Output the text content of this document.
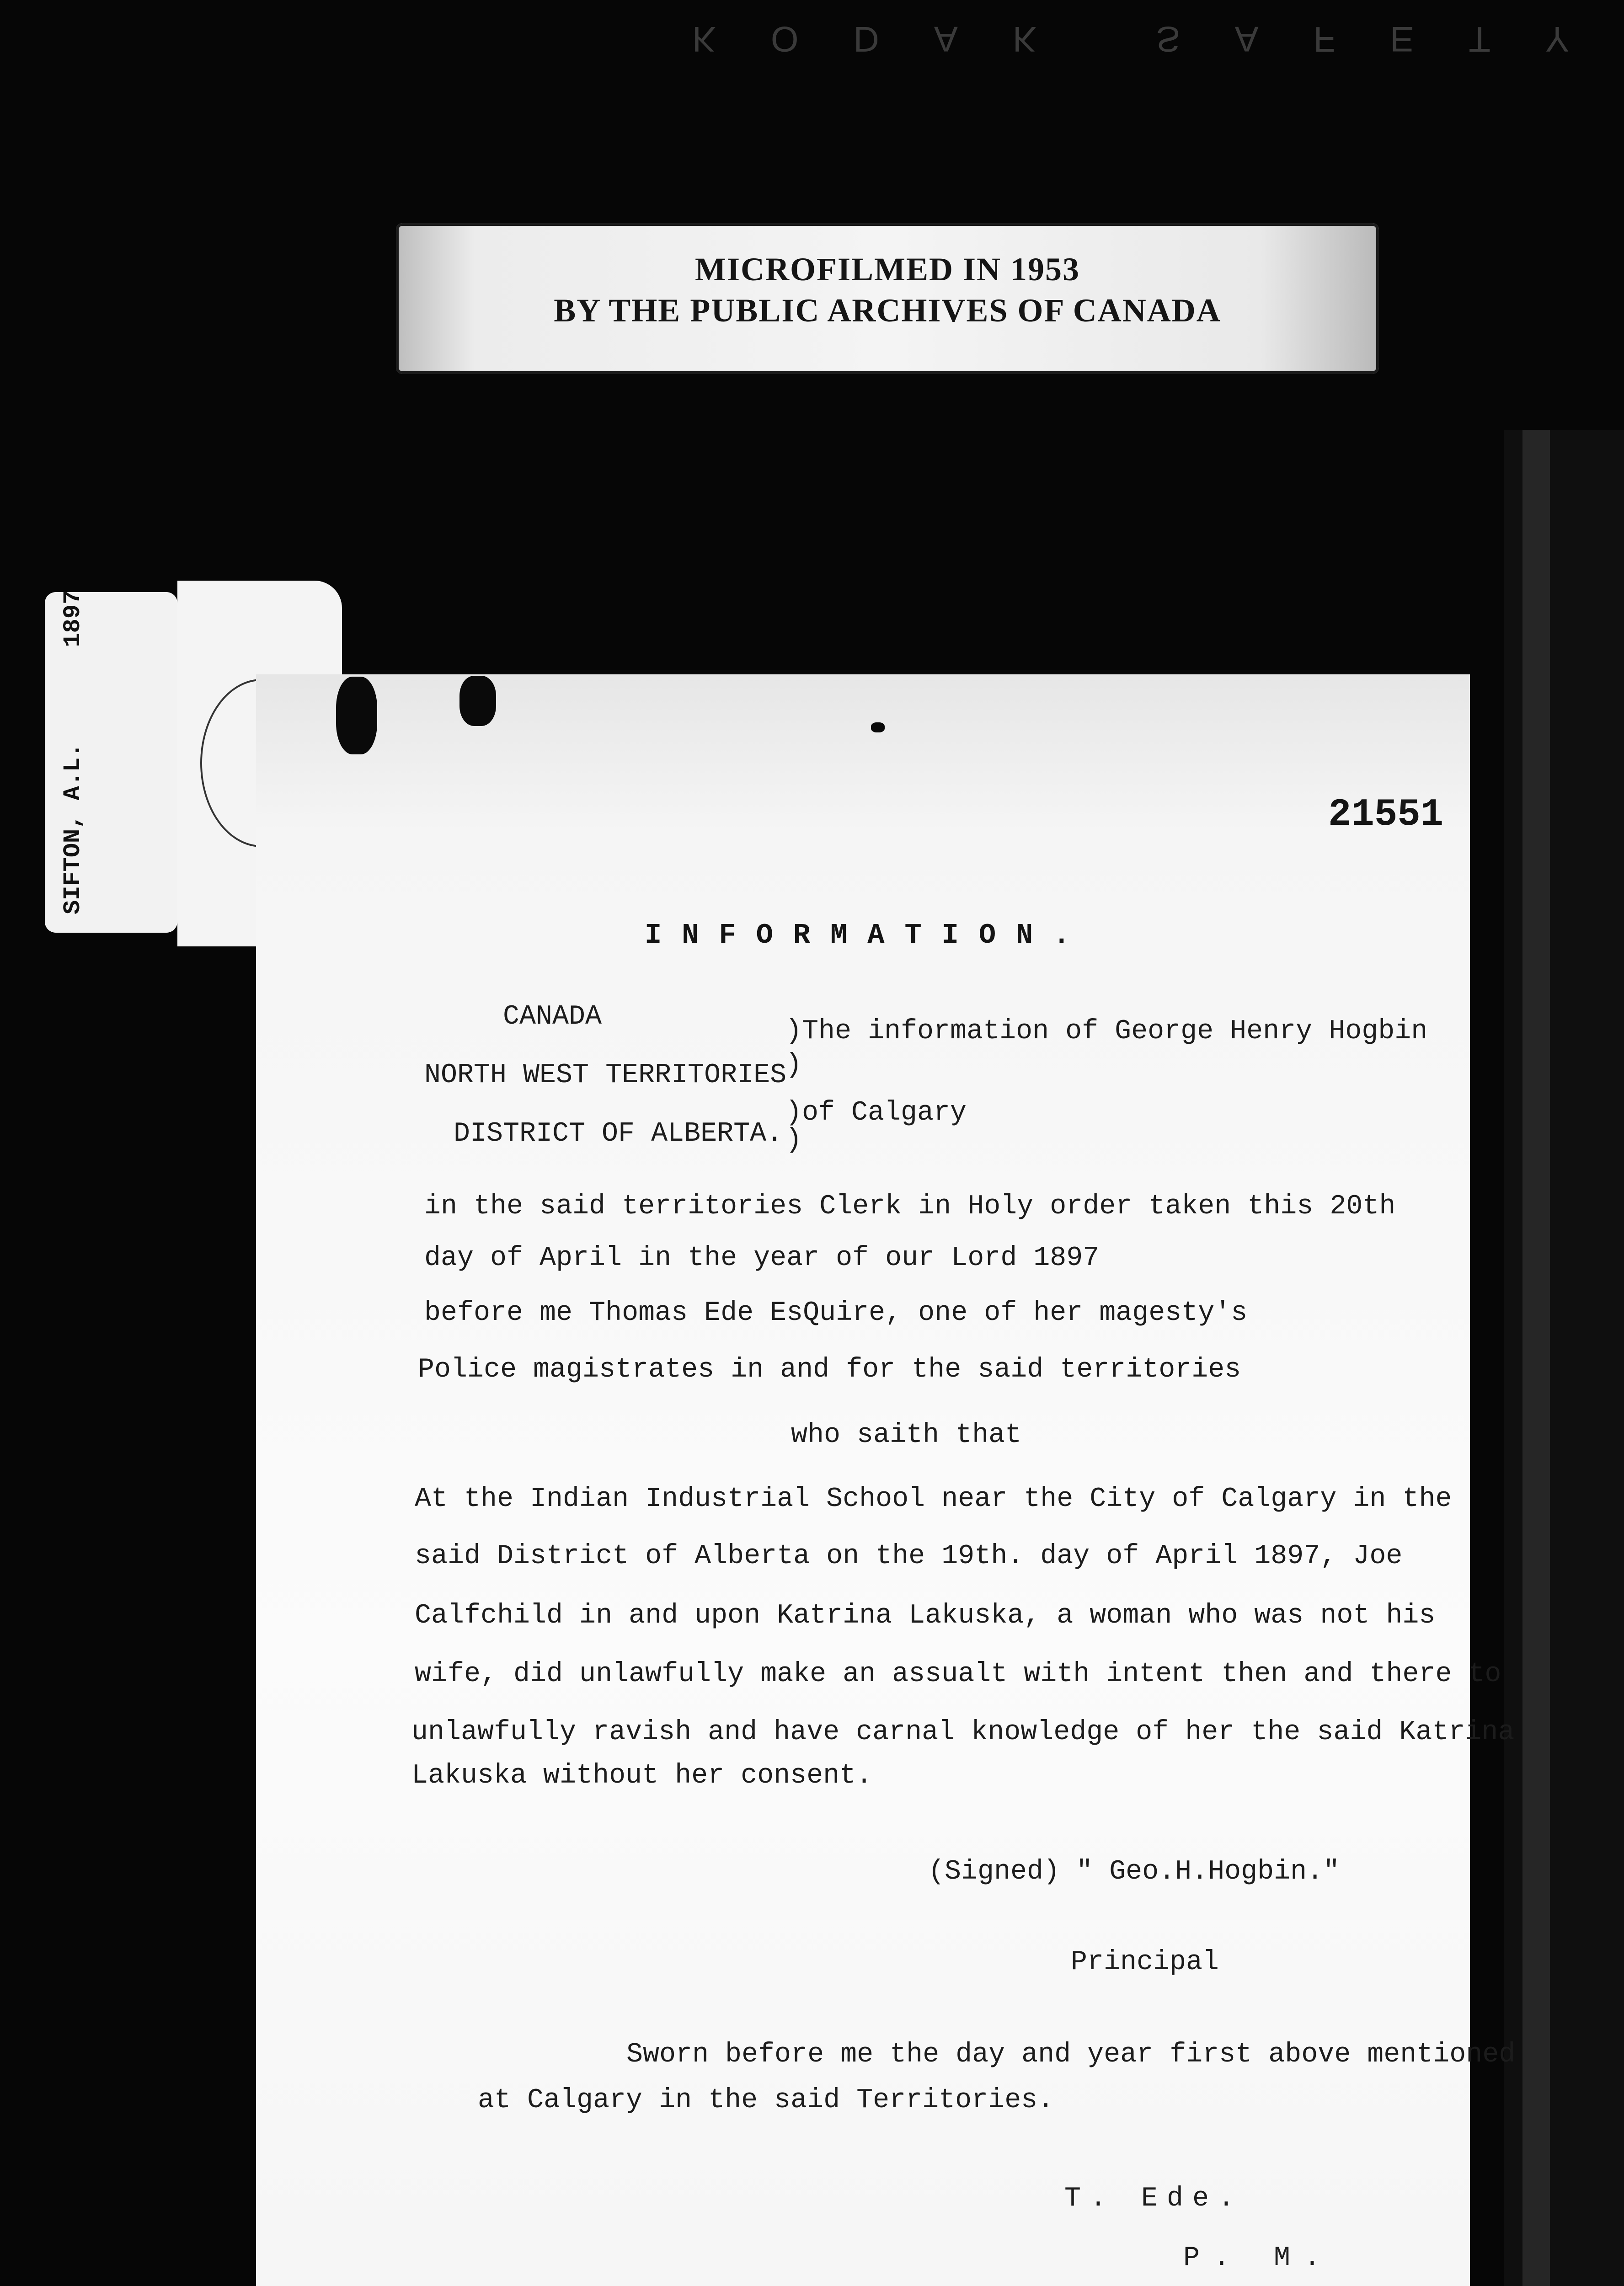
KODAK SAFETY
MICROFILMED IN 1953
BY THE PUBLIC ARCHIVES OF CANADA
SIFTON, A.L.1897
21551
INFORMATION.
CANADA
NORTH WEST TERRITORIES
DISTRICT OF ALBERTA.
)The information of George Henry Hogbin
)
)of Calgary
)
in the said territories Clerk in Holy order taken this 20th
day of April in the year of our Lord 1897
before me Thomas Ede EsQuire, one of her magesty's
Police magistrates in and for the said territories
who saith that
At the Indian Industrial School near the City of Calgary in the
said District of Alberta on the 19th. day of April 1897, Joe
Calfchild in and upon Katrina Lakuska, a woman who was not his
wife, did unlawfully make an assualt with intent then and there to
unlawfully ravish and have carnal knowledge of her the said Katrina
Lakuska without her consent.
(Signed) " Geo.H.Hogbin."
Principal
Sworn before me the day and year first above mentioned
at Calgary in the said Territories.
T. Ede.
P. M.
